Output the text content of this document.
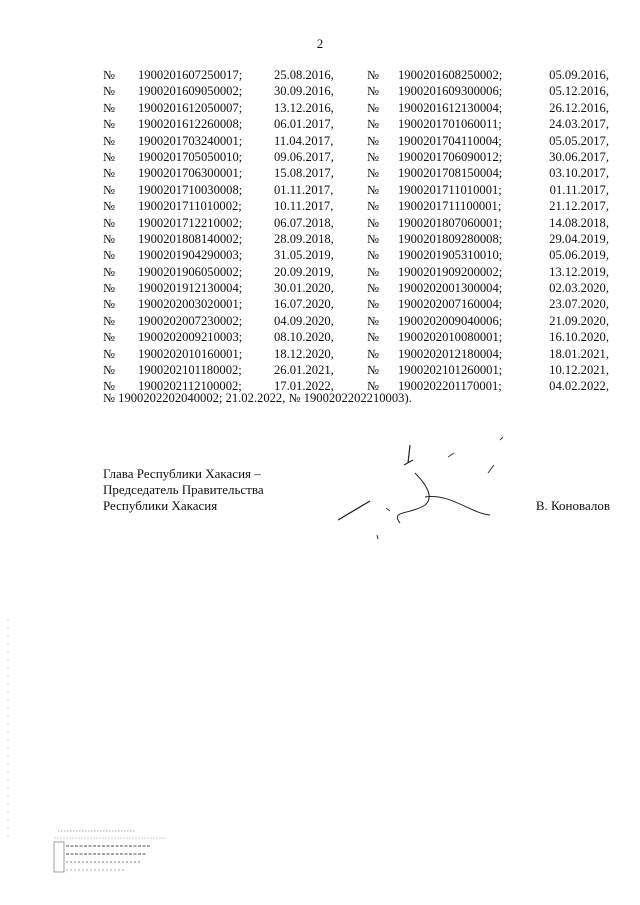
2
№ 1900201607250017;	25.08.2016,	№ 1900201608250002;	05.09.2016,
№ 1900201609050002;	30.09.2016,	№ 1900201609300006;	05.12.2016,
№ 1900201612050007;	13.12.2016,	№ 1900201612130004;	26.12.2016,
№ 1900201612260008;	06.01.2017,	№ 1900201701060011;	24.03.2017,
№ 1900201703240001;	11.04.2017,	№ 1900201704110004;	05.05.2017,
№ 1900201705050010;	09.06.2017,	№ 1900201706090012;	30.06.2017,
№ 1900201706300001;	15.08.2017,	№ 1900201708150004;	03.10.2017,
№ 1900201710030008;	01.11.2017,	№ 1900201711010001;	01.11.2017,
№ 1900201711010002;	10.11.2017,	№ 1900201711100001;	21.12.2017,
№ 1900201712210002;	06.07.2018,	№ 1900201807060001;	14.08.2018,
№ 1900201808140002;	28.09.2018,	№ 1900201809280008;	29.04.2019,
№ 1900201904290003;	31.05.2019,	№ 1900201905310010;	05.06.2019,
№ 1900201906050002;	20.09.2019,	№ 1900201909200002;	13.12.2019,
№ 1900201912130004;	30.01.2020,	№ 1900202001300004;	02.03.2020,
№ 1900202003020001;	16.07.2020,	№ 1900202007160004;	23.07.2020,
№ 1900202007230002;	04.09.2020,	№ 1900202009040006;	21.09.2020,
№ 1900202009210003;	08.10.2020,	№ 1900202010080001;	16.10.2020,
№ 1900202010160001;	18.12.2020,	№ 1900202012180004;	18.01.2021,
№ 1900202101180002;	26.01.2021,	№ 1900202101260001;	10.12.2021,
№ 1900202112100002;	17.01.2022,	№ 1900202201170001;	04.02.2022,
№ 1900202202040002; 21.02.2022, № 1900202202210003).
Глава Республики Хакасия –
Председатель Правительства
Республики Хакасия	В. Коновалов
